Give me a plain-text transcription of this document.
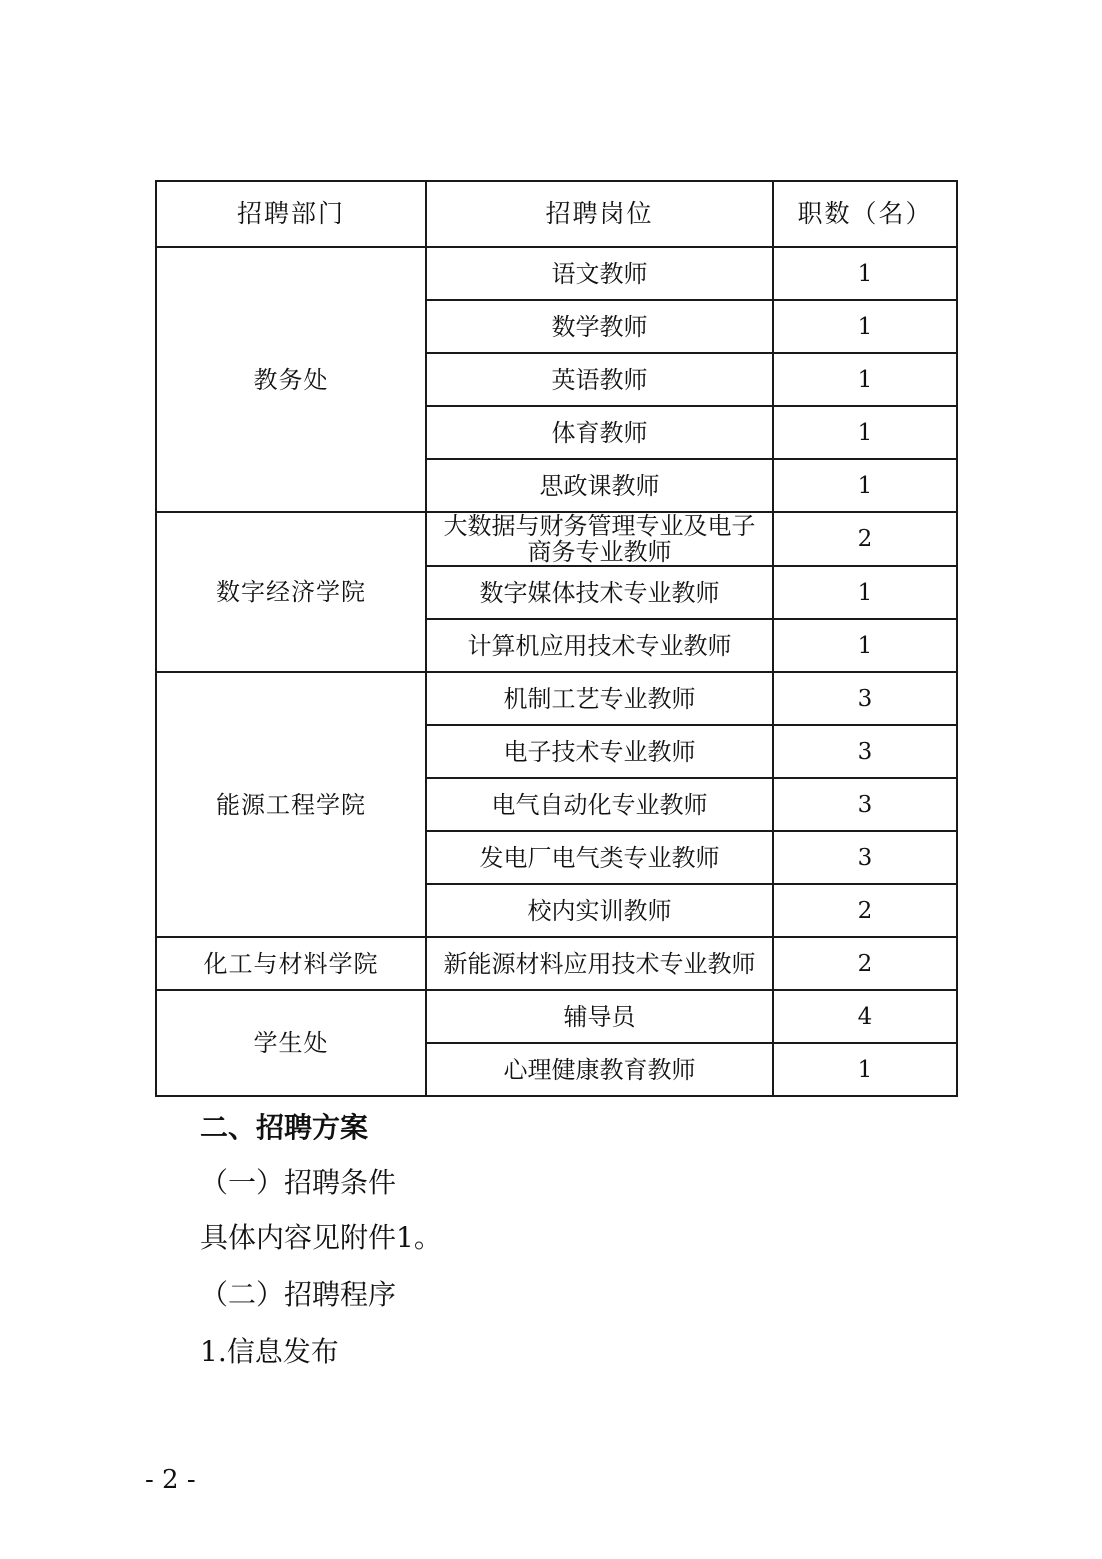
招聘部门	招聘岗位	职数（名）
教务处	语文教师	1
	数学教师	1
	英语教师	1
	体育教师	1
	思政课教师	1
数字经济学院	大数据与财务管理专业及电子商务专业教师	2
	数字媒体技术专业教师	1
	计算机应用技术专业教师	1
能源工程学院	机制工艺专业教师	3
	电子技术专业教师	3
	电气自动化专业教师	3
	发电厂电气类专业教师	3
	校内实训教师	2
化工与材料学院	新能源材料应用技术专业教师	2
学生处	辅导员	4
	心理健康教育教师	1
二、招聘方案
（一）招聘条件
具体内容见附件1。
（二）招聘程序
1.信息发布
- 2 -
